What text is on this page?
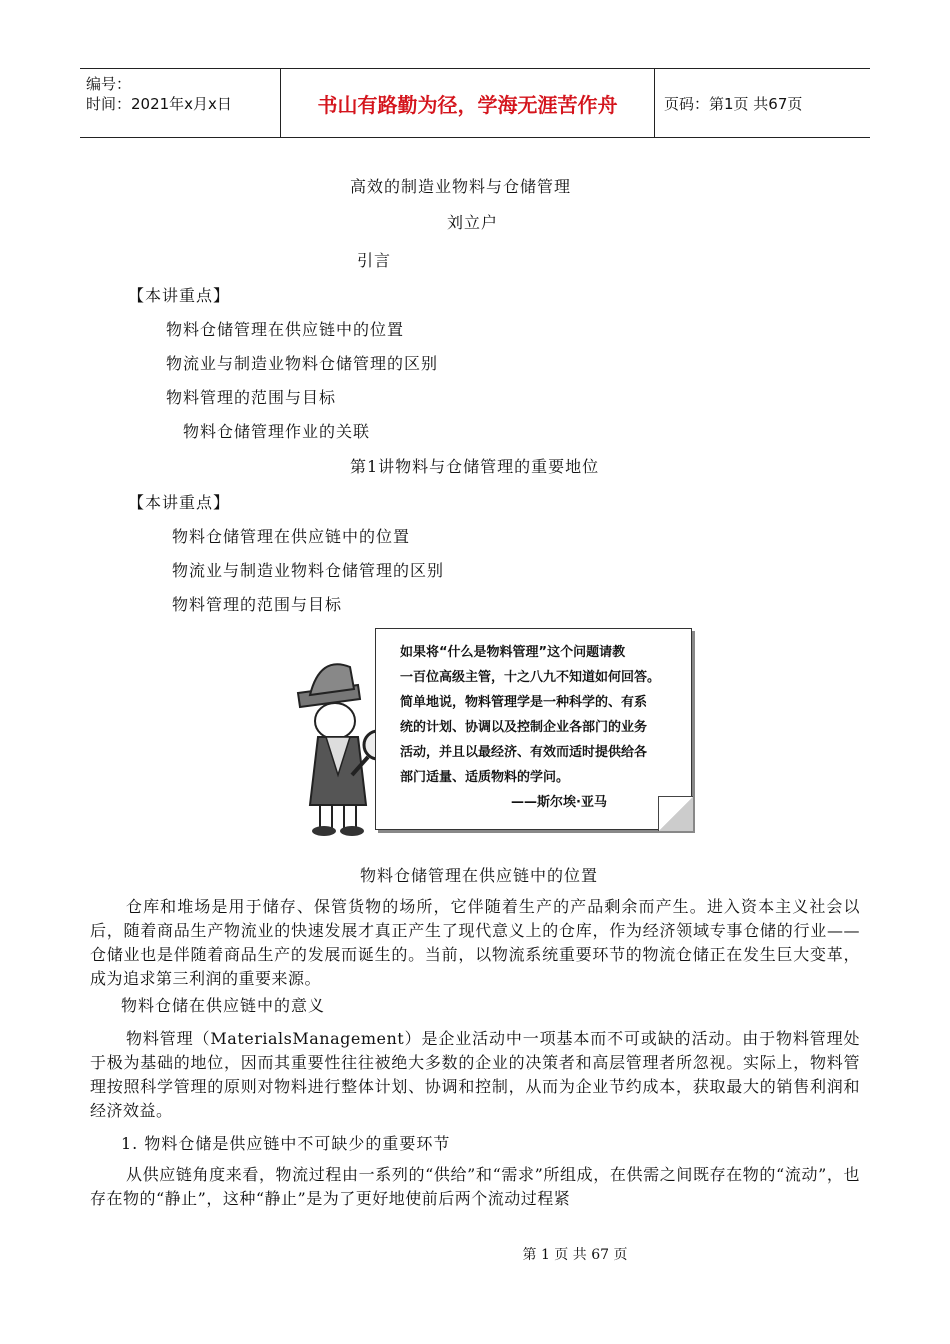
编号：
时间：2021年x月x日	书山有路勤为径，学海无涯苦作舟	页码：第1页 共67页
高效的制造业物料与仓储管理
刘立户
引言
【本讲重点】
物料仓储管理在供应链中的位置
物流业与制造业物料仓储管理的区别
物料管理的范围与目标
物料仓储管理作业的关联
第1讲物料与仓储管理的重要地位
【本讲重点】
物料仓储管理在供应链中的位置
物流业与制造业物料仓储管理的区别
物料管理的范围与目标
如果将“什么是物料管理”这个问题请教
一百位高级主管，十之八九不知道如何回答。
简单地说，物料管理学是一种科学的、有系
统的计划、协调以及控制企业各部门的业务
活动，并且以最经济、有效而适时提供给各
部门适量、适质物料的学问。
——斯尔埃·亚马
物料仓储管理在供应链中的位置
仓库和堆场是用于储存、保管货物的场所，它伴随着生产的产品剩余而产生。进入资本主义社会以后，随着商品生产物流业的快速发展才真正产生了现代意义上的仓库，作为经济领域专事仓储的行业——仓储业也是伴随着商品生产的发展而诞生的。当前，以物流系统重要环节的物流仓储正在发生巨大变革，成为追求第三利润的重要来源。
物料仓储在供应链中的意义
物料管理（MaterialsManagement）是企业活动中一项基本而不可或缺的活动。由于物料管理处于极为基础的地位，因而其重要性往往被绝大多数的企业的决策者和高层管理者所忽视。实际上，物料管理按照科学管理的原则对物料进行整体计划、协调和控制，从而为企业节约成本，获取最大的销售利润和经济效益。
1. 物料仓储是供应链中不可缺少的重要环节
从供应链角度来看，物流过程由一系列的“供给”和“需求”所组成，在供需之间既存在物的“流动”，也存在物的“静止”，这种“静止”是为了更好地使前后两个流动过程紧
第 1 页 共 67 页
